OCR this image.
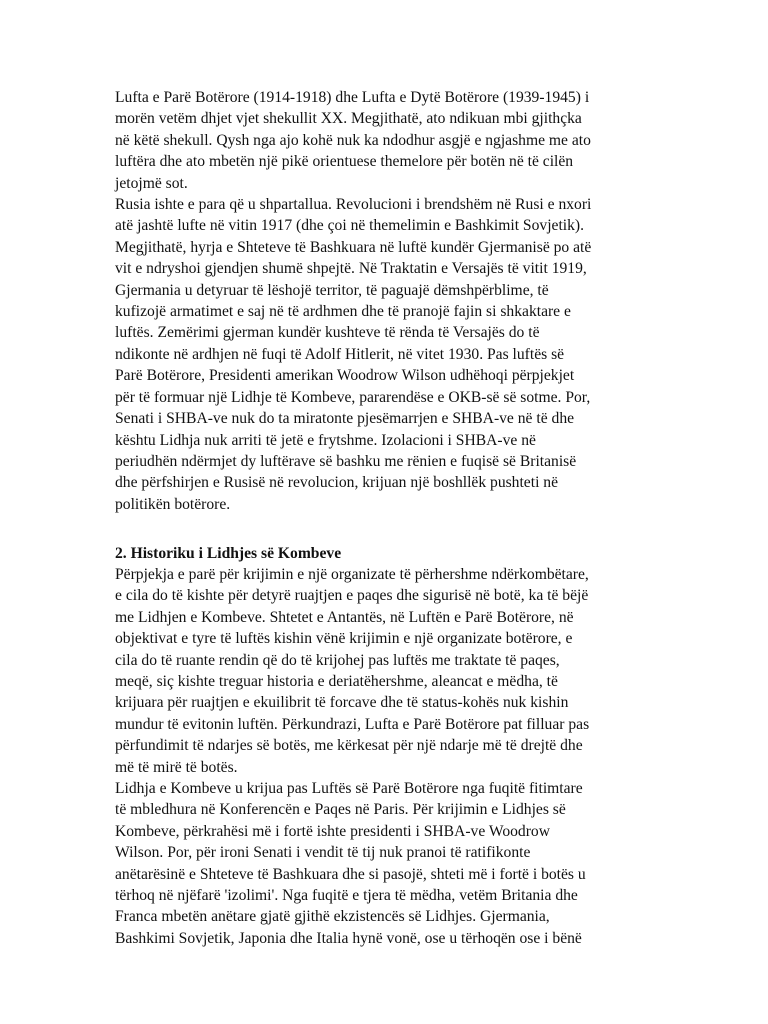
Lufta e Parë Botërore (1914-1918) dhe Lufta e Dytë Botërore (1939-1945) i
morën vetëm dhjet vjet shekullit XX. Megjithatë, ato ndikuan mbi gjithçka
në këtë shekull. Qysh nga ajo kohë nuk ka ndodhur asgjë e ngjashme me ato
luftëra dhe ato mbetën një pikë orientuese themelore për botën në të cilën
jetojmë sot.

Rusia ishte e para që u shpartallua. Revolucioni i brendshëm në Rusi e nxori
atë jashtë lufte në vitin 1917 (dhe çoi në themelimin e Bashkimit Sovjetik).
Megjithatë, hyrja e Shteteve të Bashkuara në luftë kundër Gjermanisë po atë
vit e ndryshoi gjendjen shumë shpejtë. Në Traktatin e Versajës të vitit 1919,
Gjermania u detyruar të lëshojë territor, të paguajë dëmshpërblime, të
kufizojë armatimet e saj në të ardhmen dhe të pranojë fajin si shkaktare e
luftës. Zemërimi gjerman kundër kushteve të rënda të Versajës do të
ndikonte në ardhjen në fuqi të Adolf Hitlerit, në vitet 1930. Pas luftës së
Parë Botërore, Presidenti amerikan Woodrow Wilson udhëhoqi përpjekjet
për të formuar një Lidhje të Kombeve, pararendëse e OKB-së së sotme. Por,
Senati i SHBA-ve nuk do ta miratonte pjesëmarrjen e SHBA-ve në të dhe
kështu Lidhja nuk arriti të jetë e frytshme. Izolacioni i SHBA-ve në
periudhën ndërmjet dy luftërave së bashku me rënien e fuqisë së Britanisë
dhe përfshirjen e Rusisë në revolucion, krijuan një boshllëk pushteti në
politikën botërore.

2. Historiku i Lidhjes së Kombeve

Përpjekja e parë për krijimin e një organizate të përhershme ndërkombëtare,
e cila do të kishte për detyrë ruajtjen e paqes dhe sigurisë në botë, ka të bëjë
me Lidhjen e Kombeve. Shtetet e Antantës, në Luftën e Parë Botërore, në
objektivat e tyre të luftës kishin vënë krijimin e një organizate botërore, e
cila do të ruante rendin që do të krijohej pas luftës me traktate të paqes,
meqë, siç kishte treguar historia e deriatëhershme, aleancat e mëdha, të
krijuara për ruajtjen e ekuilibrit të forcave dhe të status-kohës nuk kishin
mundur të evitonin luftën. Përkundrazi, Lufta e Parë Botërore pat filluar pas
përfundimit të ndarjes së botës, me kërkesat për një ndarje më të drejtë dhe
më të mirë të botës.

Lidhja e Kombeve u krijua pas Luftës së Parë Botërore nga fuqitë fitimtare
të mbledhura në Konferencën e Paqes në Paris. Për krijimin e Lidhjes së
Kombeve, përkrahësi më i fortë ishte presidenti i SHBA-ve Woodrow
Wilson. Por, për ironi Senati i vendit të tij nuk pranoi të ratifikonte
anëtarësinë e Shteteve të Bashkuara dhe si pasojë, shteti më i fortë i botës u
tërhoq në njëfarë 'izolimi'. Nga fuqitë e tjera të mëdha, vetëm Britania dhe
Franca mbetën anëtare gjatë gjithë ekzistencës së Lidhjes. Gjermania,
Bashkimi Sovjetik, Japonia dhe Italia hynë vonë, ose u tërhoqën ose i bënë
